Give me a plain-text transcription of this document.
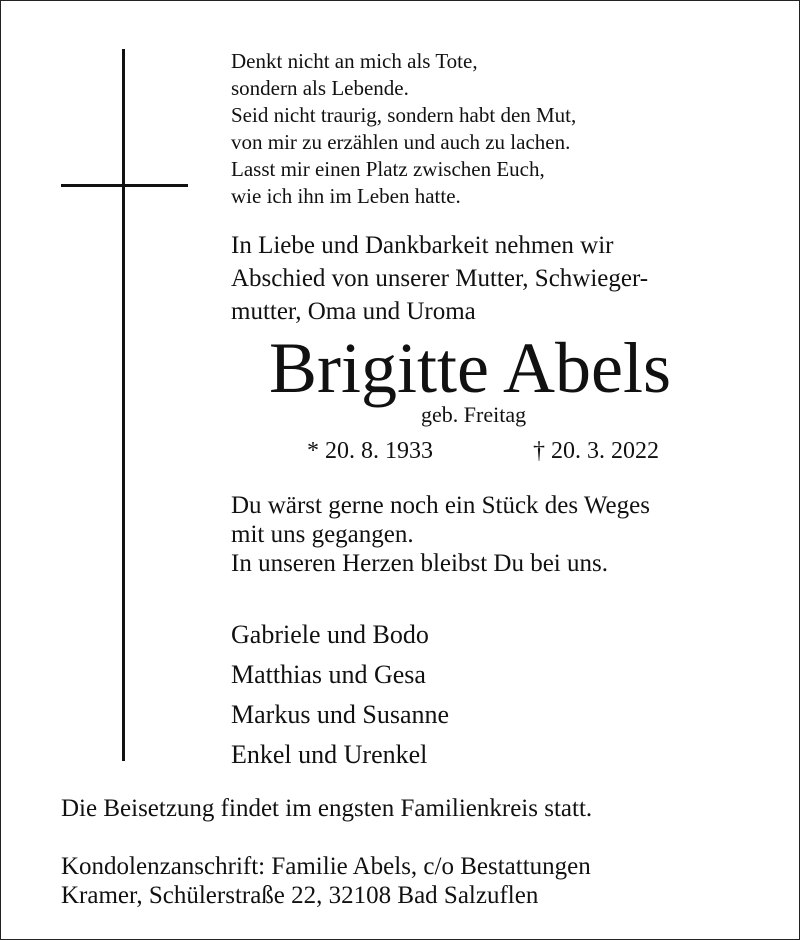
Denkt nicht an mich als Tote,
sondern als Lebende.
Seid nicht traurig, sondern habt den Mut,
von mir zu erzählen und auch zu lachen.
Lasst mir einen Platz zwischen Euch,
wie ich ihn im Leben hatte.
In Liebe und Dankbarkeit nehmen wir
Abschied von unserer Mutter, Schwieger-
mutter, Oma und Uroma
Brigitte Abels
geb. Freitag
* 20. 8. 1933	† 20. 3. 2022
Du wärst gerne noch ein Stück des Weges
mit uns gegangen.
In unseren Herzen bleibst Du bei uns.
Gabriele und Bodo
Matthias und Gesa
Markus und Susanne
Enkel und Urenkel
Die Beisetzung findet im engsten Familienkreis statt.
Kondolenzanschrift: Familie Abels, c/o Bestattungen
Kramer, Schülerstraße 22, 32108 Bad Salzuflen
